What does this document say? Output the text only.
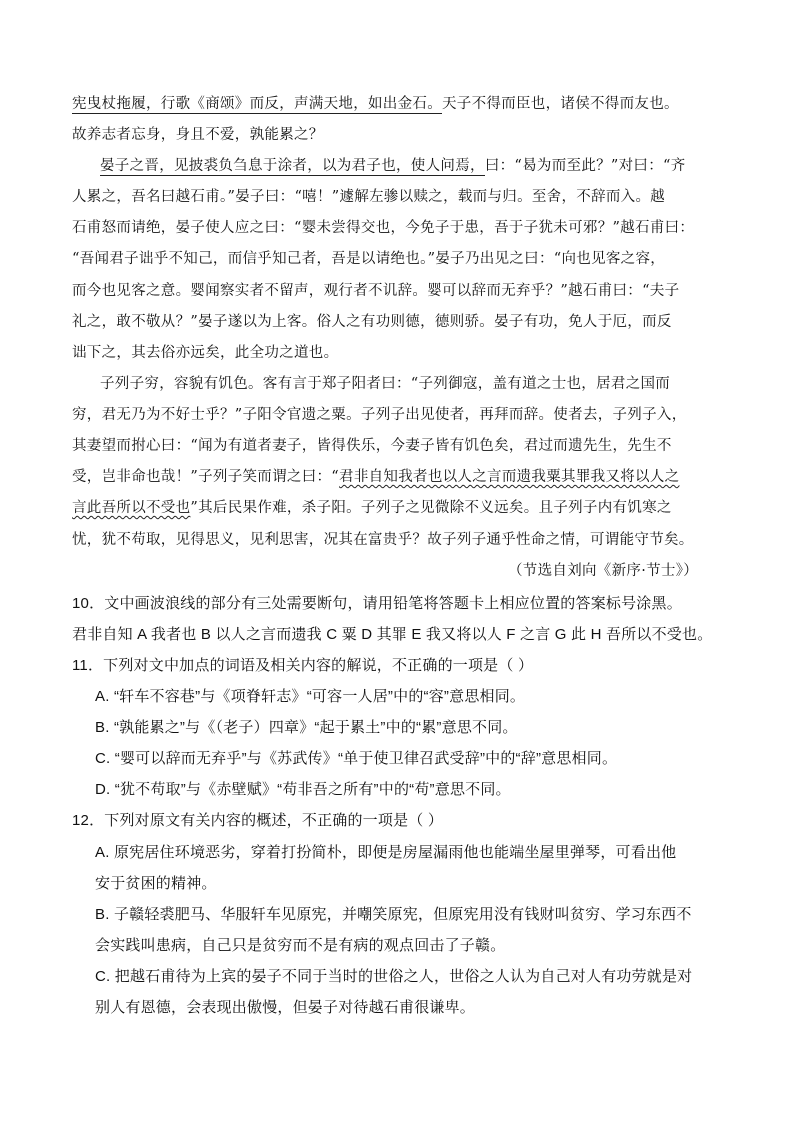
宪曳杖拖履，行歌《商颂》而反，声满天地，如出金石。天子不得而臣也，诸侯不得而友也。
故养志者忘身，身且不爱，孰能累之？
晏子之晋，见披裘负刍息于涂者，以为君子也，使人问焉，曰：“曷为而至此？”对曰：“齐
人累之，吾名曰越石甫。”晏子曰：“嘻！”遽解左骖以赎之，载而与归。至舍，不辞而入。越
石甫怒而请绝，晏子使人应之曰：“婴未尝得交也，今免子于患，吾于子犹未可邪？”越石甫曰：
“吾闻君子诎乎不知己，而信乎知己者，吾是以请绝也。”晏子乃出见之曰：“向也见客之容，
而今也见客之意。婴闻察实者不留声，观行者不讥辞。婴可以辞而无弃乎？”越石甫曰：“夫子
礼之，敢不敬从？”晏子遂以为上客。俗人之有功则德，德则骄。晏子有功，免人于厄，而反
诎下之，其去俗亦远矣，此全功之道也。
子列子穷，容貌有饥色。客有言于郑子阳者曰：“子列御寇，盖有道之士也，居君之国而
穷，君无乃为不好士乎？”子阳令官遗之粟。子列子出见使者，再拜而辞。使者去，子列子入，
其妻望而拊心曰：“闻为有道者妻子，皆得佚乐，今妻子皆有饥色矣，君过而遗先生，先生不
受，岂非命也哉！”子列子笑而谓之曰：“君非自知我者也以人之言而遗我粟其罪我又将以人之
言此吾所以不受也”其后民果作难，杀子阳。子列子之见微除不义远矣。且子列子内有饥寒之
忧，犹不苟取，见得思义，见利思害，况其在富贵乎？故子列子通乎性命之情，可谓能守节矣。
（节选自刘向《新序·节士》）
10．文中画波浪线的部分有三处需要断句，请用铅笔将答题卡上相应位置的答案标号涂黑。
君非自知 A 我者也 B 以人之言而遗我 C 粟 D 其罪 E 我又将以人 F 之言 G 此 H 吾所以不受也。
11．下列对文中加点的词语及相关内容的解说，不正确的一项是（ ）
A. “轩车不容巷”与《项脊轩志》“可容一人居”中的“容”意思相同。
B. “孰能累之”与《（老子）四章》“起于累土”中的“累”意思不同。
C. “婴可以辞而无弃乎”与《苏武传》“单于使卫律召武受辞”中的“辞”意思相同。
D. “犹不苟取”与《赤壁赋》“苟非吾之所有”中的“苟”意思不同。
12．下列对原文有关内容的概述，不正确的一项是（ ）
A. 原宪居住环境恶劣，穿着打扮简朴，即便是房屋漏雨他也能端坐屋里弹琴，可看出他
安于贫困的精神。
B. 子赣轻裘肥马、华服轩车见原宪，并嘲笑原宪，但原宪用没有钱财叫贫穷、学习东西不
会实践叫患病，自己只是贫穷而不是有病的观点回击了子赣。
C. 把越石甫待为上宾的晏子不同于当时的世俗之人，世俗之人认为自己对人有功劳就是对
别人有恩德，会表现出傲慢，但晏子对待越石甫很谦卑。
